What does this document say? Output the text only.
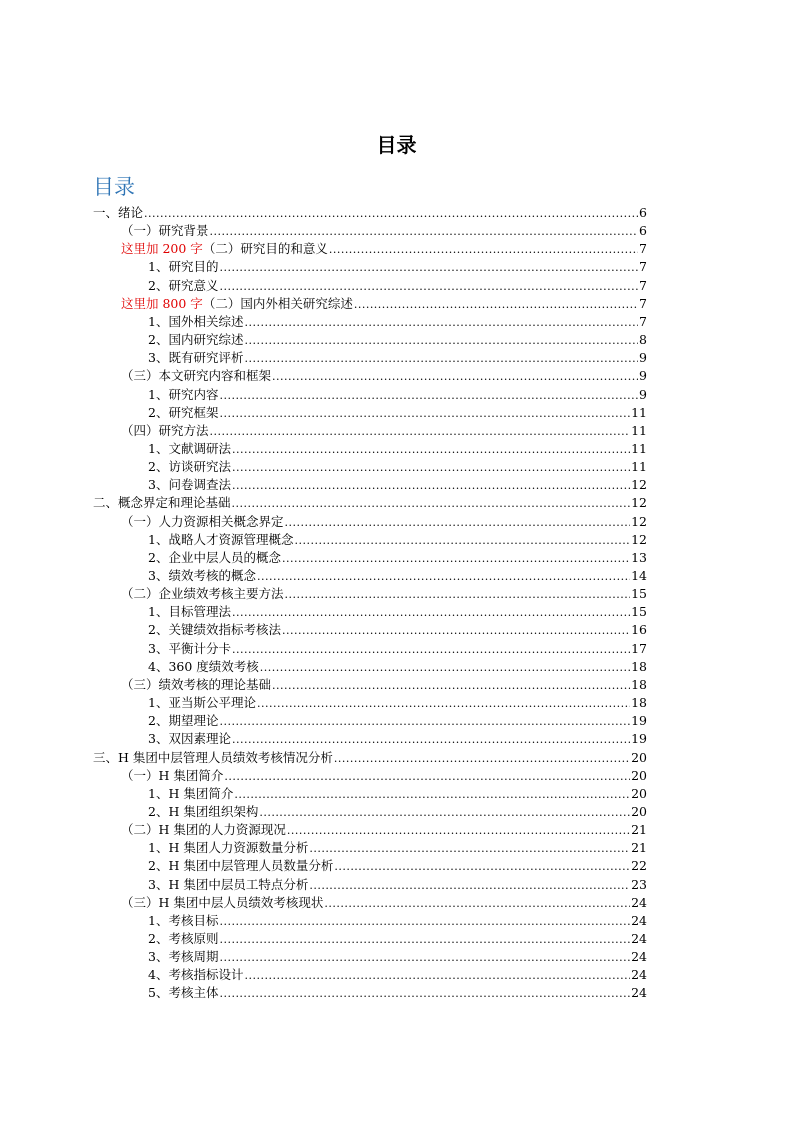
目录
目录
一、绪论 .....	6
（一）研究背景 .....	6
这里加 200 字 （二）研究目的和意义 .....	7
1、研究目的 .....	7
2、研究意义 .....	7
这里加 800 字 （二）国内外相关研究综述 .....	7
1、国外相关综述 .....	7
2、国内研究综述 .....	8
3、既有研究评析 .....	9
（三）本文研究内容和框架 .....	9
1、研究内容 .....	9
2、研究框架 .....	11
（四）研究方法 .....	11
1、文献调研法 .....	11
2、访谈研究法 .....	11
3、问卷调查法 .....	12
二、概念界定和理论基础 .....	12
（一）人力资源相关概念界定 .....	12
1、战略人才资源管理概念 .....	12
2、企业中层人员的概念 .....	13
3、绩效考核的概念 .....	14
（二）企业绩效考核主要方法 .....	15
1、目标管理法 .....	15
2、关键绩效指标考核法 .....	16
3、平衡计分卡 .....	17
4、360 度绩效考核 .....	18
（三）绩效考核的理论基础 .....	18
1、亚当斯公平理论 .....	18
2、期望理论 .....	19
3、双因素理论 .....	19
三、H 集团中层管理人员绩效考核情况分析 .....	20
（一）H 集团简介 .....	20
1、H 集团简介 .....	20
2、H 集团组织架构 .....	20
（二）H 集团的人力资源现况 .....	21
1、H 集团人力资源数量分析 .....	21
2、H 集团中层管理人员数量分析 .....	22
3、H 集团中层员工特点分析 .....	23
（三）H 集团中层人员绩效考核现状 .....	24
1、考核目标 .....	24
2、考核原则 .....	24
3、考核周期 .....	24
4、考核指标设计 .....	24
5、考核主体 .....	24
